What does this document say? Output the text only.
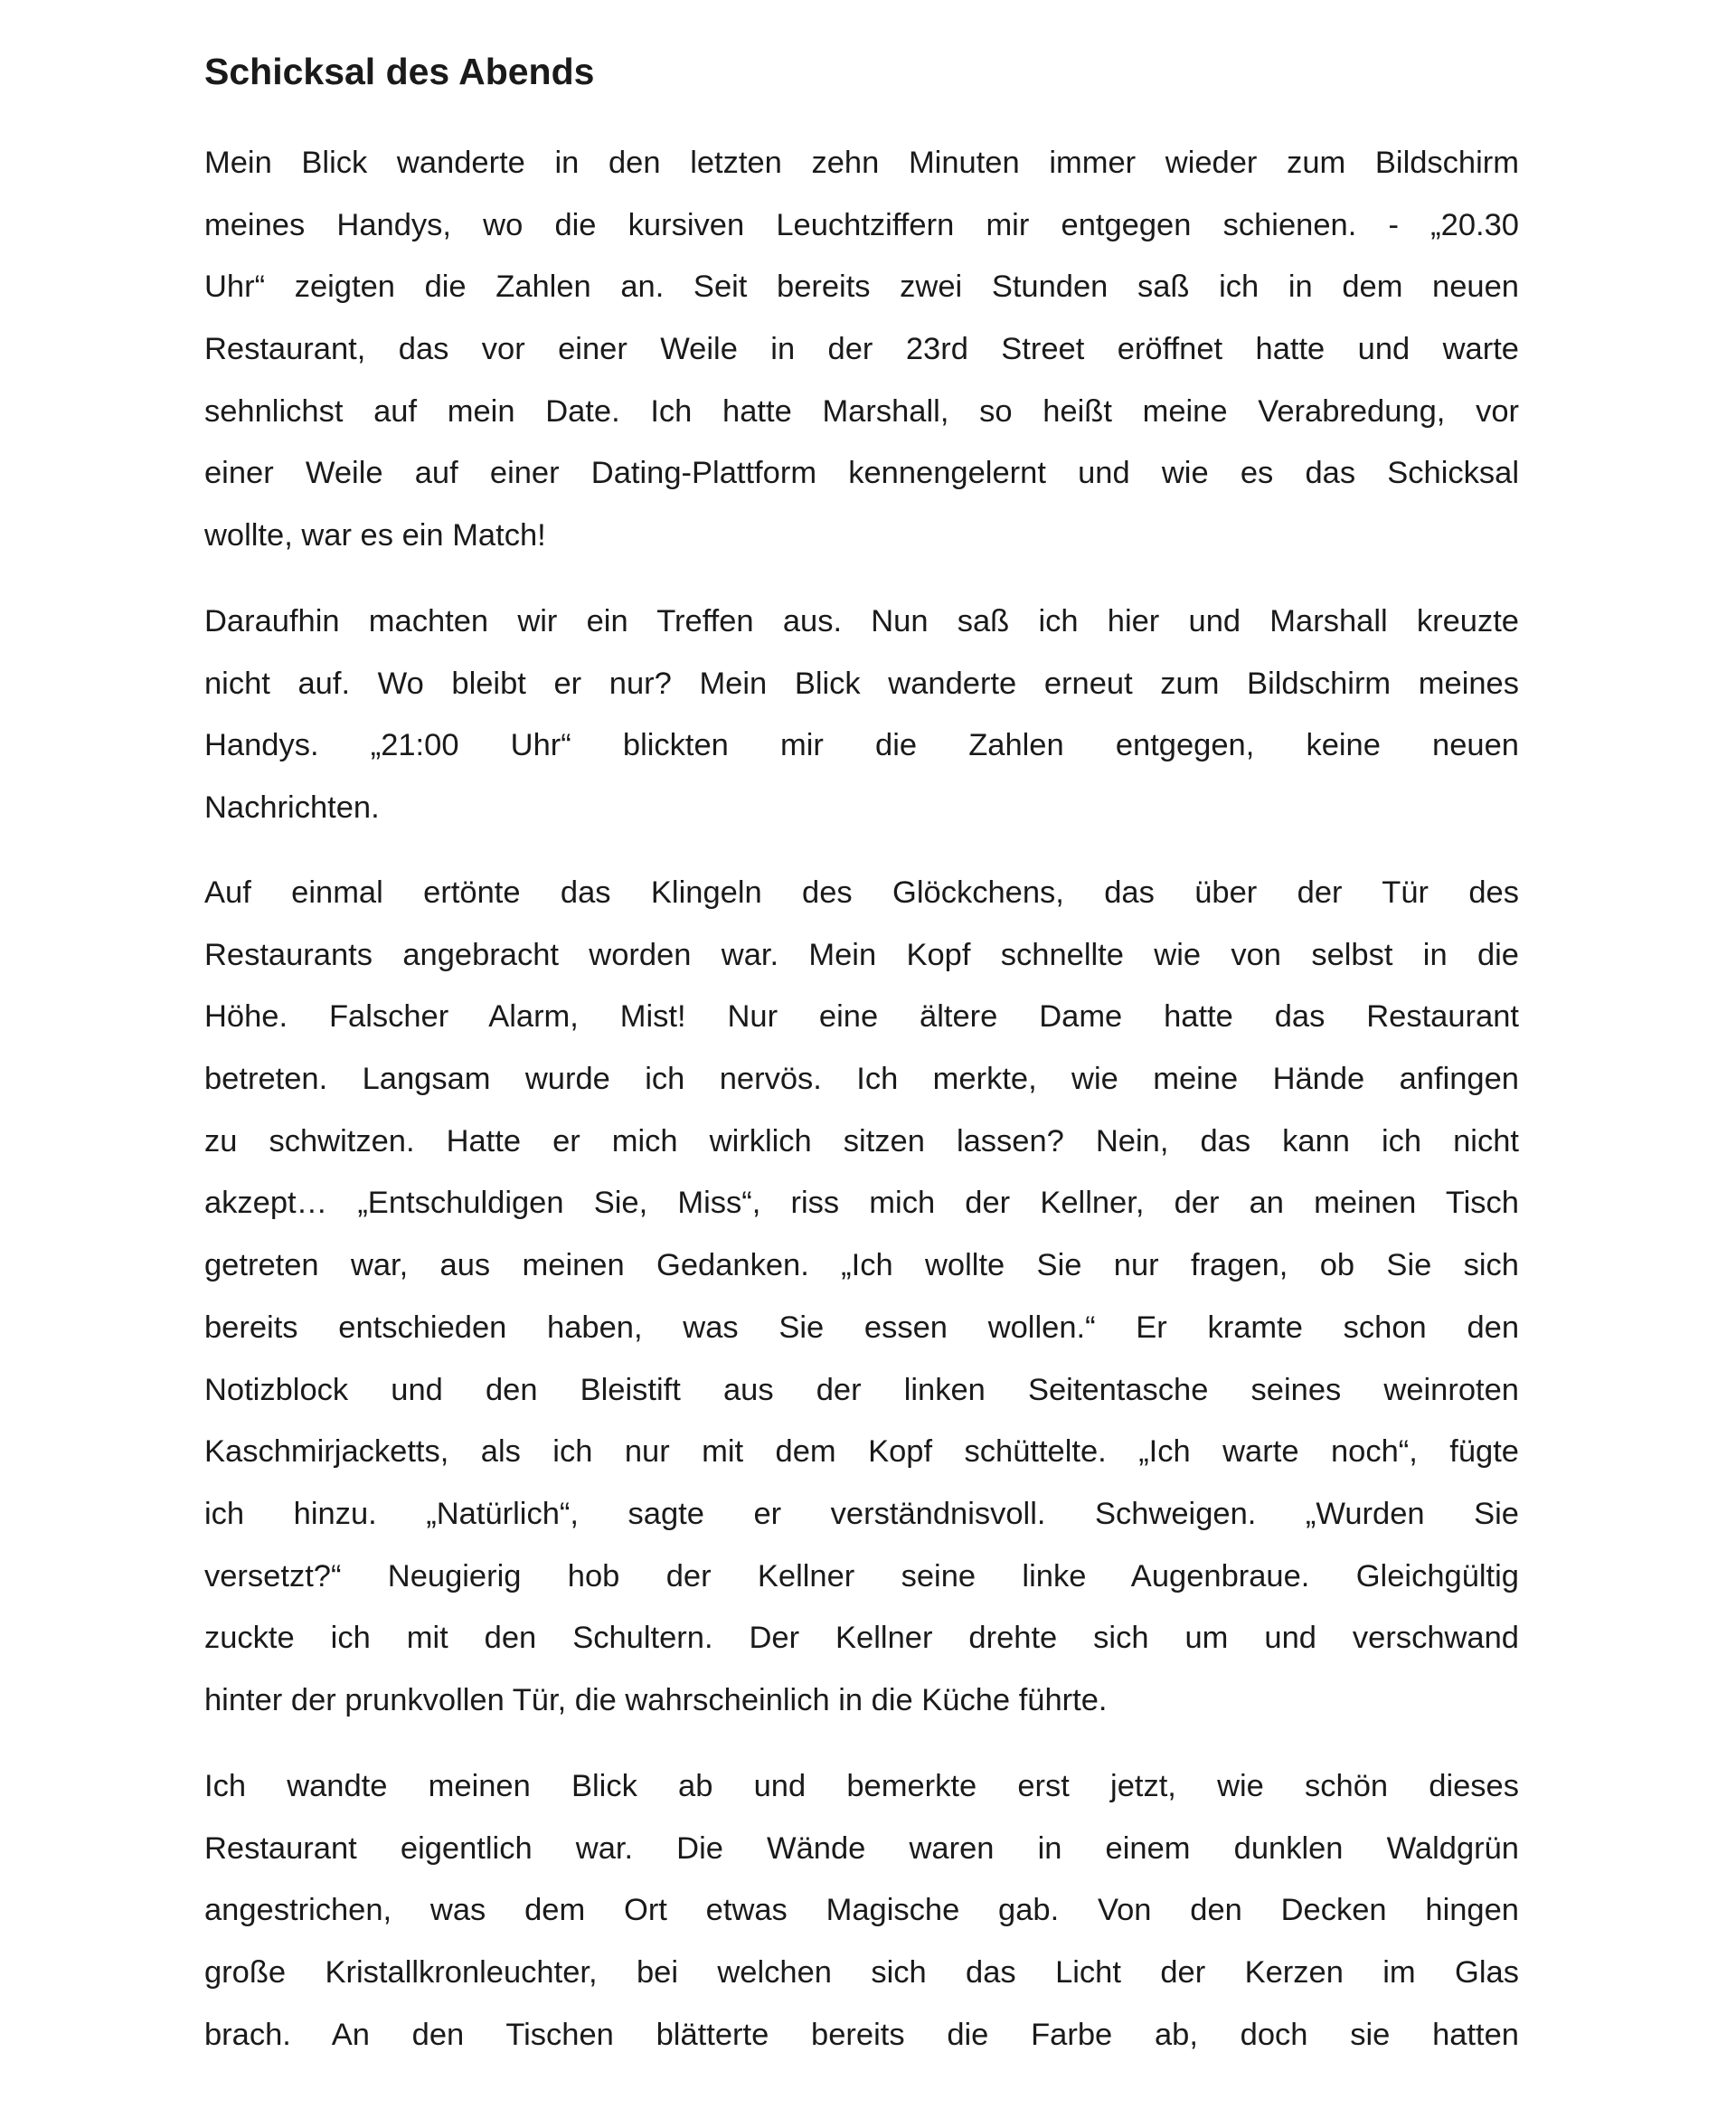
Schicksal des Abends
Mein Blick wanderte in den letzten zehn Minuten immer wieder zum Bildschirm
meines Handys, wo die kursiven Leuchtziffern mir entgegen schienen. - „20.30
Uhr“ zeigten die Zahlen an. Seit bereits zwei Stunden saß ich in dem neuen
Restaurant, das vor einer Weile in der 23rd Street eröffnet hatte und warte
sehnlichst auf mein Date. Ich hatte Marshall, so heißt meine Verabredung, vor
einer Weile auf einer Dating-Plattform kennengelernt und wie es das Schicksal
wollte, war es ein Match!
Daraufhin machten wir ein Treffen aus. Nun saß ich hier und Marshall kreuzte
nicht auf. Wo bleibt er nur? Mein Blick wanderte erneut zum Bildschirm meines
Handys. „21:00 Uhr“ blickten mir die Zahlen entgegen, keine neuen
Nachrichten.
Auf einmal ertönte das Klingeln des Glöckchens, das über der Tür des
Restaurants angebracht worden war. Mein Kopf schnellte wie von selbst in die
Höhe. Falscher Alarm, Mist! Nur eine ältere Dame hatte das Restaurant
betreten. Langsam wurde ich nervös. Ich merkte, wie meine Hände anfingen
zu schwitzen. Hatte er mich wirklich sitzen lassen? Nein, das kann ich nicht
akzept… „Entschuldigen Sie, Miss“, riss mich der Kellner, der an meinen Tisch
getreten war, aus meinen Gedanken. „Ich wollte Sie nur fragen, ob Sie sich
bereits entschieden haben, was Sie essen wollen.“ Er kramte schon den
Notizblock und den Bleistift aus der linken Seitentasche seines weinroten
Kaschmirjacketts, als ich nur mit dem Kopf schüttelte. „Ich warte noch“, fügte
ich hinzu. „Natürlich“, sagte er verständnisvoll. Schweigen. „Wurden Sie
versetzt?“ Neugierig hob der Kellner seine linke Augenbraue. Gleichgültig
zuckte ich mit den Schultern. Der Kellner drehte sich um und verschwand
hinter der prunkvollen Tür, die wahrscheinlich in die Küche führte.
Ich wandte meinen Blick ab und bemerkte erst jetzt, wie schön dieses
Restaurant eigentlich war. Die Wände waren in einem dunklen Waldgrün
angestrichen, was dem Ort etwas Magische gab. Von den Decken hingen
große Kristallkronleuchter, bei welchen sich das Licht der Kerzen im Glas
brach. An den Tischen blätterte bereits die Farbe ab, doch sie hatten
